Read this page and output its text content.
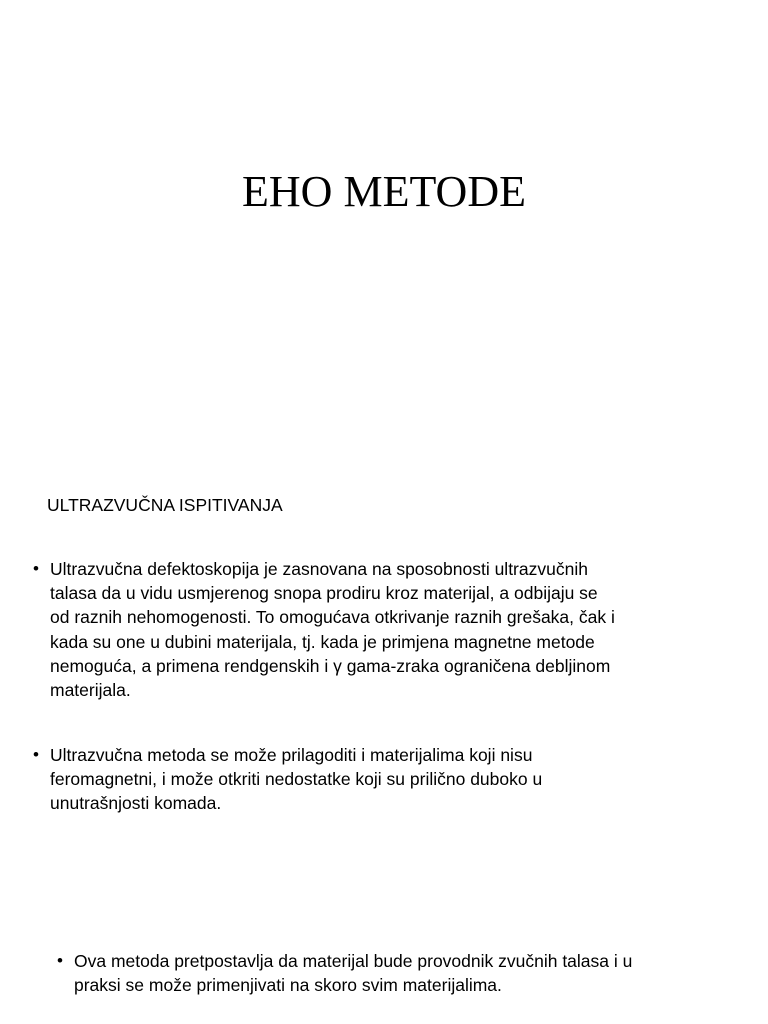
EHO METODE

ULTRAZVUČNA ISPITIVANJA

• Ultrazvučna defektoskopija je zasnovana na sposobnosti ultrazvučnih
talasa da u vidu usmjerenog snopa prodiru kroz materijal, a odbijaju se
od raznih nehomogenosti. To omogućava otkrivanje raznih grešaka, čak i
kada su one u dubini materijala, tj. kada je primjena magnetne metode
nemoguća, a primena rendgenskih i γ gama-zraka ograničena debljinom
materijala.
• Ultrazvučna metoda se može prilagoditi i materijalima koji nisu
feromagnetni, i može otkriti nedostatke koji su prilično duboko u
unutrašnjosti komada.
• Ova metoda pretpostavlja da materijal bude provodnik zvučnih talasa i u
praksi se može primenjivati na skoro svim materijalima.
